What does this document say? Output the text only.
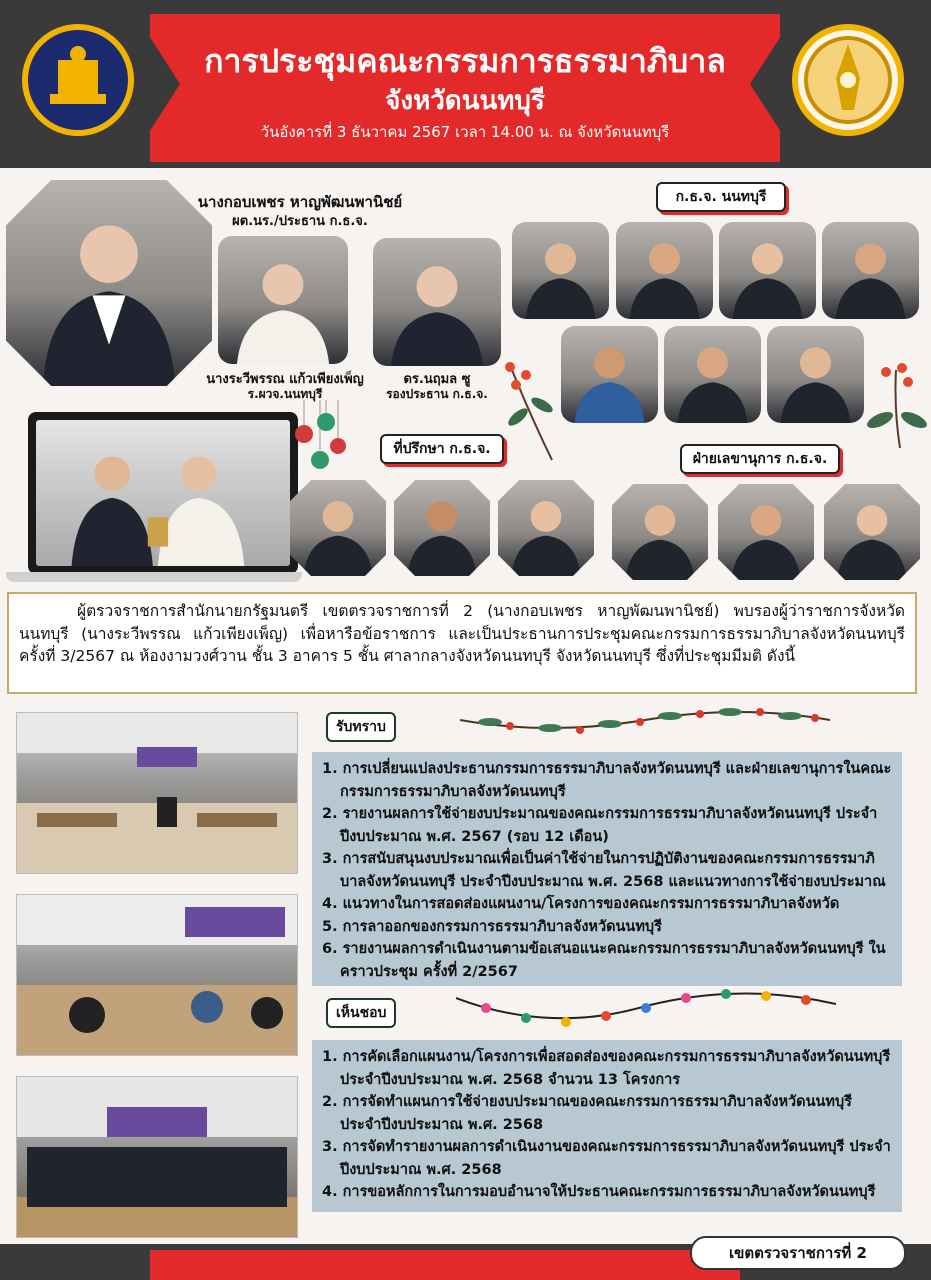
การประชุมคณะกรรมการธรรมาภิบาล
จังหวัดนนทบุรี
วันอังคารที่ 3 ธันวาคม 2567 เวลา 14.00 น. ณ จังหวัดนนทบุรี
นางกอบเพชร หาญพัฒนพานิชย์
ผต.นร./ประธาน ก.ธ.จ.
นางระวีพรรณ แก้วเพียงเพ็ญ
ร.ผวจ.นนทบุรี
ดร.นฤมล ซู
รองประธาน ก.ธ.จ.
ก.ธ.จ. นนทบุรี
ที่ปรึกษา ก.ธ.จ.
ฝ่ายเลขานุการ ก.ธ.จ.

ผู้ตรวจราชการสำนักนายกรัฐมนตรี เขตตรวจราชการที่ 2 (นางกอบเพชร หาญพัฒนพานิชย์) พบรองผู้ว่าราชการจังหวัดนนทบุรี (นางระวีพรรณ แก้วเพียงเพ็ญ) เพื่อหารือข้อราชการ และเป็นประธานการประชุมคณะกรรมการธรรมาภิบาลจังหวัดนนทบุรี ครั้งที่ 3/2567 ณ ห้องงามวงศ์วาน ชั้น 3 อาคาร 5 ชั้น ศาลากลางจังหวัดนนทบุรี จังหวัดนนทบุรี ซึ่งที่ประชุมมีมติ ดังนี้

รับทราบ
1. การเปลี่ยนแปลงประธานกรรมการธรรมาภิบาลจังหวัดนนทบุรี และฝ่ายเลขานุการในคณะกรรมการธรรมาภิบาลจังหวัดนนทบุรี
2. รายงานผลการใช้จ่ายงบประมาณของคณะกรรมการธรรมาภิบาลจังหวัดนนทบุรี ประจำปีงบประมาณ พ.ศ. 2567 (รอบ 12 เดือน)
3. การสนับสนุนงบประมาณเพื่อเป็นค่าใช้จ่ายในการปฏิบัติงานของคณะกรรมการธรรมาภิบาลจังหวัดนนทบุรี ประจำปีงบประมาณ พ.ศ. 2568 และแนวทางการใช้จ่ายงบประมาณ
4. แนวทางในการสอดส่องแผนงาน/โครงการของคณะกรรมการธรรมาภิบาลจังหวัด
5. การลาออกของกรรมการธรรมาภิบาลจังหวัดนนทบุรี
6. รายงานผลการดำเนินงานตามข้อเสนอแนะคณะกรรมการธรรมาภิบาลจังหวัดนนทบุรี ในคราวประชุม ครั้งที่ 2/2567
เห็นชอบ
1. การคัดเลือกแผนงาน/โครงการเพื่อสอดส่องของคณะกรรมการธรรมาภิบาลจังหวัดนนทบุรี ประจำปีงบประมาณ พ.ศ. 2568 จำนวน 13 โครงการ
2. การจัดทำแผนการใช้จ่ายงบประมาณของคณะกรรมการธรรมาภิบาลจังหวัดนนทบุรี ประจำปีงบประมาณ พ.ศ. 2568
3. การจัดทำรายงานผลการดำเนินงานของคณะกรรมการธรรมาภิบาลจังหวัดนนทบุรี ประจำปีงบประมาณ พ.ศ. 2568
4. การขอหลักการในการมอบอำนาจให้ประธานคณะกรรมการธรรมาภิบาลจังหวัดนนทบุรี
เขตตรวจราชการที่ 2
